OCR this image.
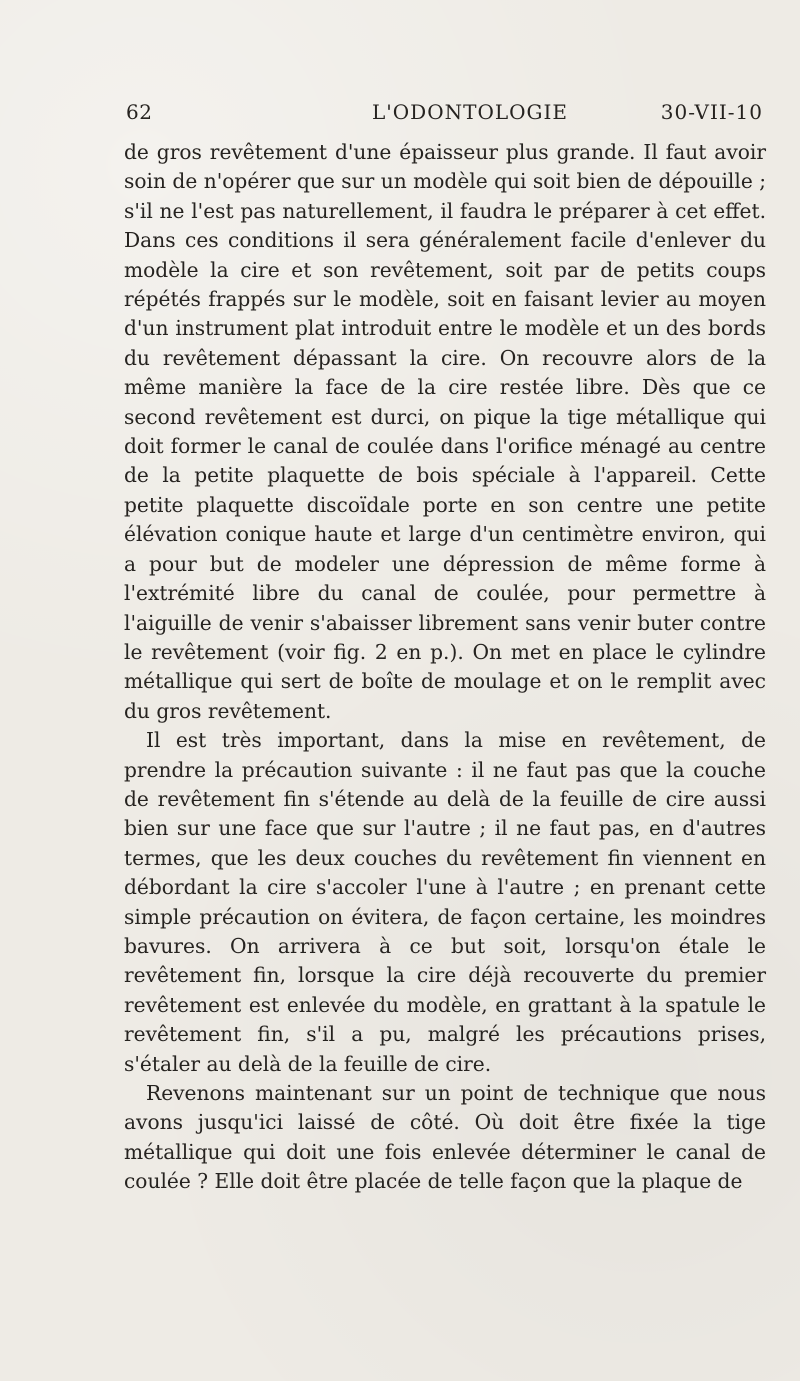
62	L'ODONTOLOGIE	30-VII-10

de gros revêtement d'une épaisseur plus grande. Il faut avoir soin de n'opérer que sur un modèle qui soit bien de dépouille ; s'il ne l'est pas naturellement, il faudra le préparer à cet effet. Dans ces conditions il sera généralement facile d'enlever du modèle la cire et son revêtement, soit par de petits coups répétés frappés sur le modèle, soit en faisant levier au moyen d'un instrument plat introduit entre le modèle et un des bords du revêtement dépassant la cire. On recouvre alors de la même manière la face de la cire restée libre. Dès que ce second revêtement est durci, on pique la tige métallique qui doit former le canal de coulée dans l'orifice ménagé au centre de la petite plaquette de bois spéciale à l'appareil. Cette petite plaquette discoïdale porte en son centre une petite élévation conique haute et large d'un centimètre environ, qui a pour but de modeler une dépression de même forme à l'extrémité libre du canal de coulée, pour permettre à l'aiguille de venir s'abaisser librement sans venir buter contre le revêtement (voir fig. 2 en p.). On met en place le cylindre métallique qui sert de boîte de moulage et on le remplit avec du gros revêtement.

Il est très important, dans la mise en revêtement, de prendre la précaution suivante : il ne faut pas que la couche de revêtement fin s'étende au delà de la feuille de cire aussi bien sur une face que sur l'autre ; il ne faut pas, en d'autres termes, que les deux couches du revêtement fin viennent en débordant la cire s'accoler l'une à l'autre ; en prenant cette simple précaution on évitera, de façon certaine, les moindres bavures. On arrivera à ce but soit, lorsqu'on étale le revêtement fin, lorsque la cire déjà recouverte du premier revêtement est enlevée du modèle, en grattant à la spatule le revêtement fin, s'il a pu, malgré les précautions prises, s'étaler au delà de la feuille de cire.

Revenons maintenant sur un point de technique que nous avons jusqu'ici laissé de côté. Où doit être fixée la tige métallique qui doit une fois enlevée déterminer le canal de coulée ? Elle doit être placée de telle façon que la plaque de
